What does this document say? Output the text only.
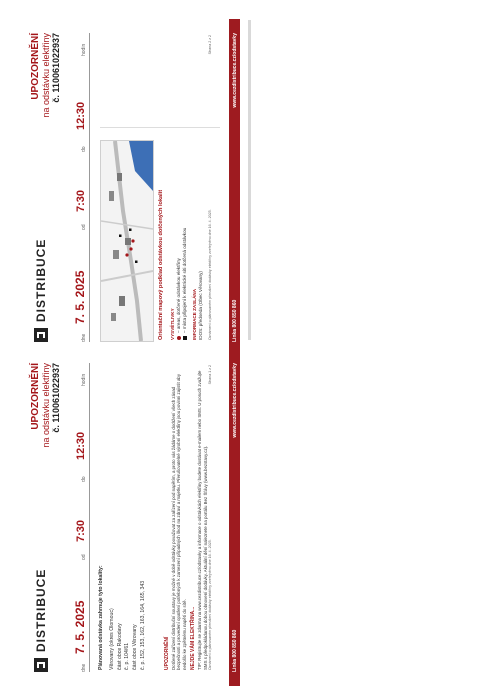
DISTRIBUCE
UPOZORNĚNÍ na odstávku elektřiny č. 110061022937
dne
7. 5. 2025
od
7:30
do
12:30
hodin
Orientační mapový podklad odstávkou dotčených lokalit VYSVĚTLIVKY – areas, dotčené odstávkou elektřiny – místa připojení k elektrické síti dotčená odstávkou INFORMACE ZASLÁNA IDOS: předseda (Obec Věrovany) Oznámení o plánovaném přerušení dodávky elektřiny zveřejněno dne 16. 4. 2025.
Strana 2 z 2
Linka 800 850 860
www.cezdistribuce.cz/odstavky
DISTRIBUCE
UPOZORNĚNÍ na odstávku elektřiny č. 110061022937
dne
7. 5. 2025
od
7:30
do
12:30
hodin
Plánovaná odstávka zahrnuje tyto lokality: Věrovany (okres Olomouc) část obce Rakodavy č. p. 104/61 část obce Věrovany č. p. 152, 153, 162, 163, 164, 165, 343	UPOZORNĚNÍ Dotčené zařízení distribuční soustavy je možné v době odstávky považovat za zařízení pod napětím, a proto vás žádáme o dodržení všech zásad bezpečnosti a provedení opatření potřebných k zamezení případných škod na zdraví a majetku. Přerušovatelné výrobní elektřiny jsou povinni zajistit aby nedošlo ke zpětnému napětí do sítě. NEJDE VÁM ELEKTŘINA... TIP: Registrujte se zdarma na www.cezdistribuce.cz/odstavky a informace o odstávkách elektřiny budete dostávat e-mailem nebo SMS. U poruch zvažujte SMS s předpokládanou dobou obnovení dodávky. Aktuální dění naleznete na portálu Bez Šťávy (www.bezstavy.cz). Oznámení o plánovaném přerušení dodávky elektřiny zveřejněno dne 16. 4. 2025.
Strana 1 z 2
Linka 800 850 860
www.cezdistribuce.cz/odstavky
